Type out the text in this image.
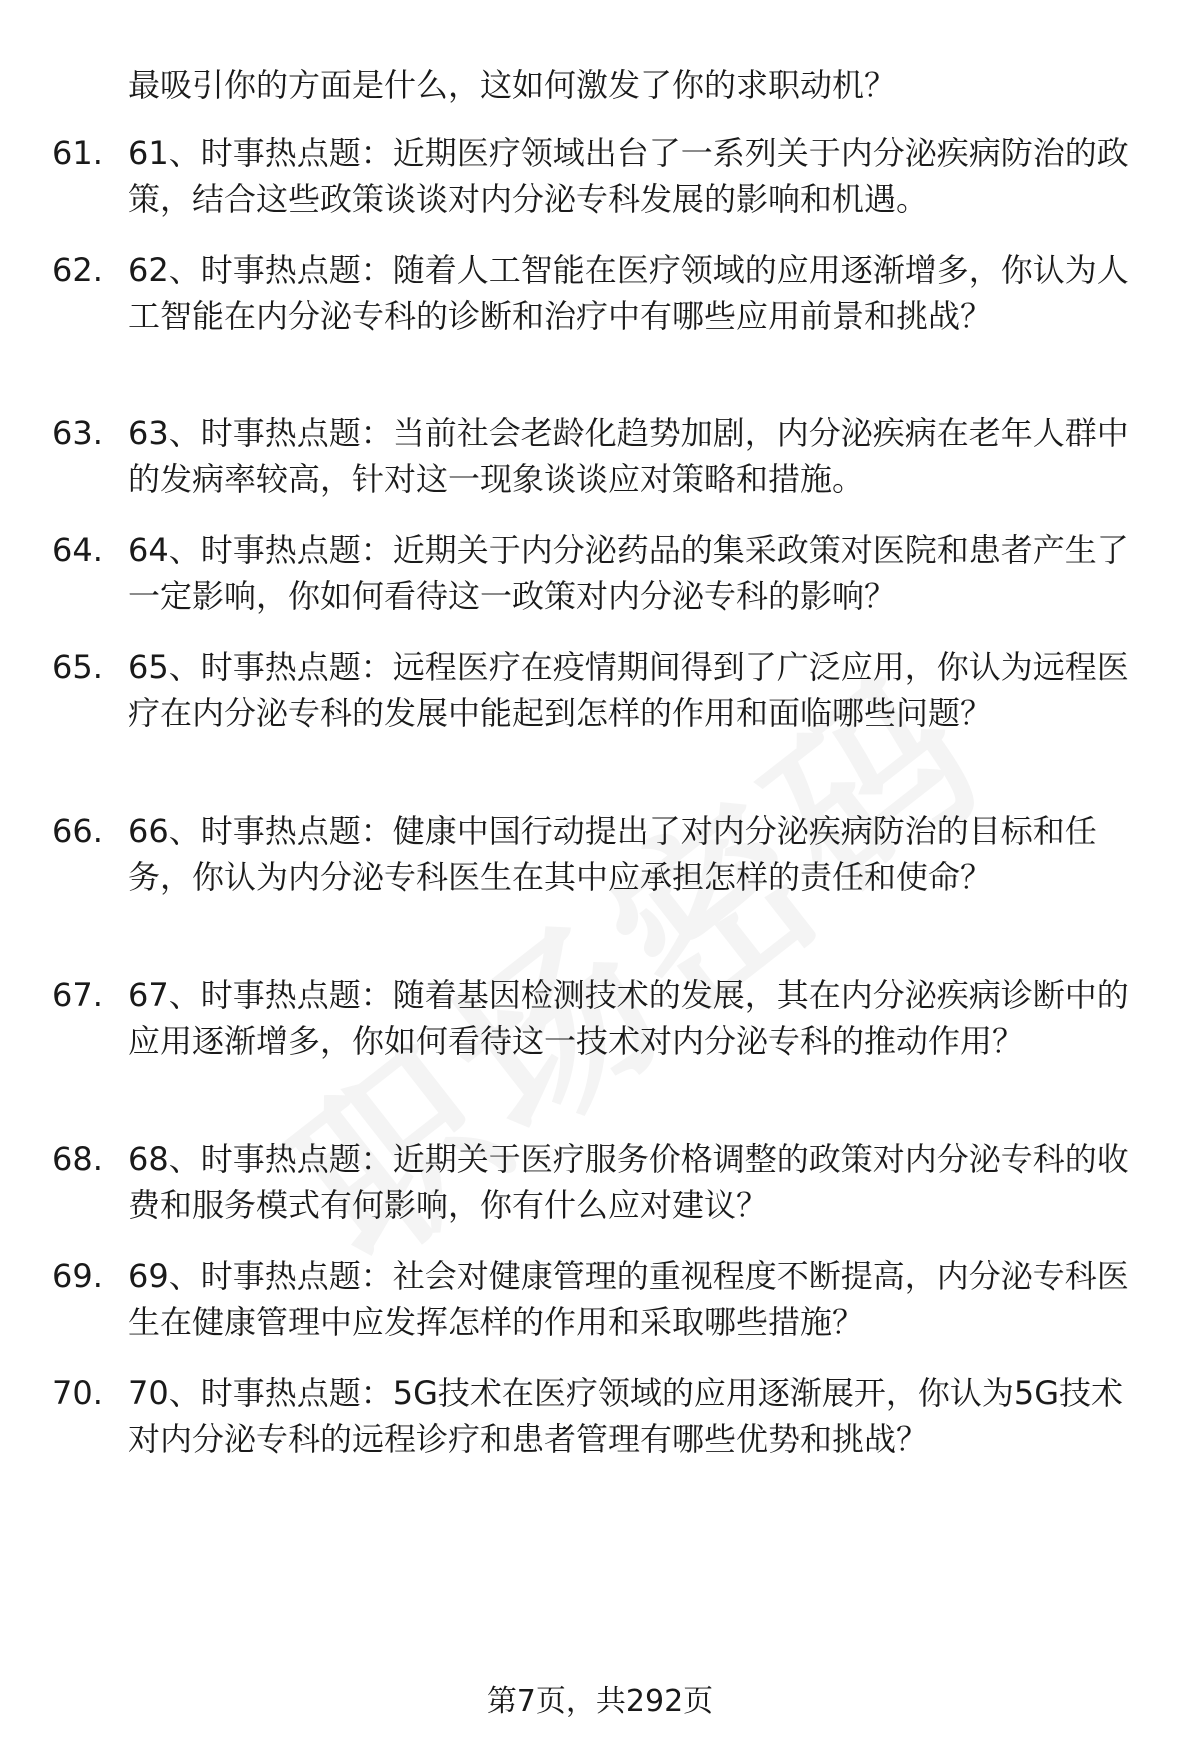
最吸引你的方面是什么，这如何激发了你的求职动机？
61. 61、时事热点题：近期医疗领域出台了一系列关于内分泌疾病防治的政策，结合这些政策谈谈对内分泌专科发展的影响和机遇。
62. 62、时事热点题：随着人工智能在医疗领域的应用逐渐增多，你认为人工智能在内分泌专科的诊断和治疗中有哪些应用前景和挑战？
63. 63、时事热点题：当前社会老龄化趋势加剧，内分泌疾病在老年人群中的发病率较高，针对这一现象谈谈应对策略和措施。
64. 64、时事热点题：近期关于内分泌药品的集采政策对医院和患者产生了一定影响，你如何看待这一政策对内分泌专科的影响？
65. 65、时事热点题：远程医疗在疫情期间得到了广泛应用，你认为远程医疗在内分泌专科的发展中能起到怎样的作用和面临哪些问题？
66. 66、时事热点题：健康中国行动提出了对内分泌疾病防治的目标和任务，你认为内分泌专科医生在其中应承担怎样的责任和使命？
67. 67、时事热点题：随着基因检测技术的发展，其在内分泌疾病诊断中的应用逐渐增多，你如何看待这一技术对内分泌专科的推动作用？
68. 68、时事热点题：近期关于医疗服务价格调整的政策对内分泌专科的收费和服务模式有何影响，你有什么应对建议？
69. 69、时事热点题：社会对健康管理的重视程度不断提高，内分泌专科医生在健康管理中应发挥怎样的作用和采取哪些措施？
70. 70、时事热点题：5G技术在医疗领域的应用逐渐展开，你认为5G技术对内分泌专科的远程诊疗和患者管理有哪些优势和挑战？
第7页，共292页
